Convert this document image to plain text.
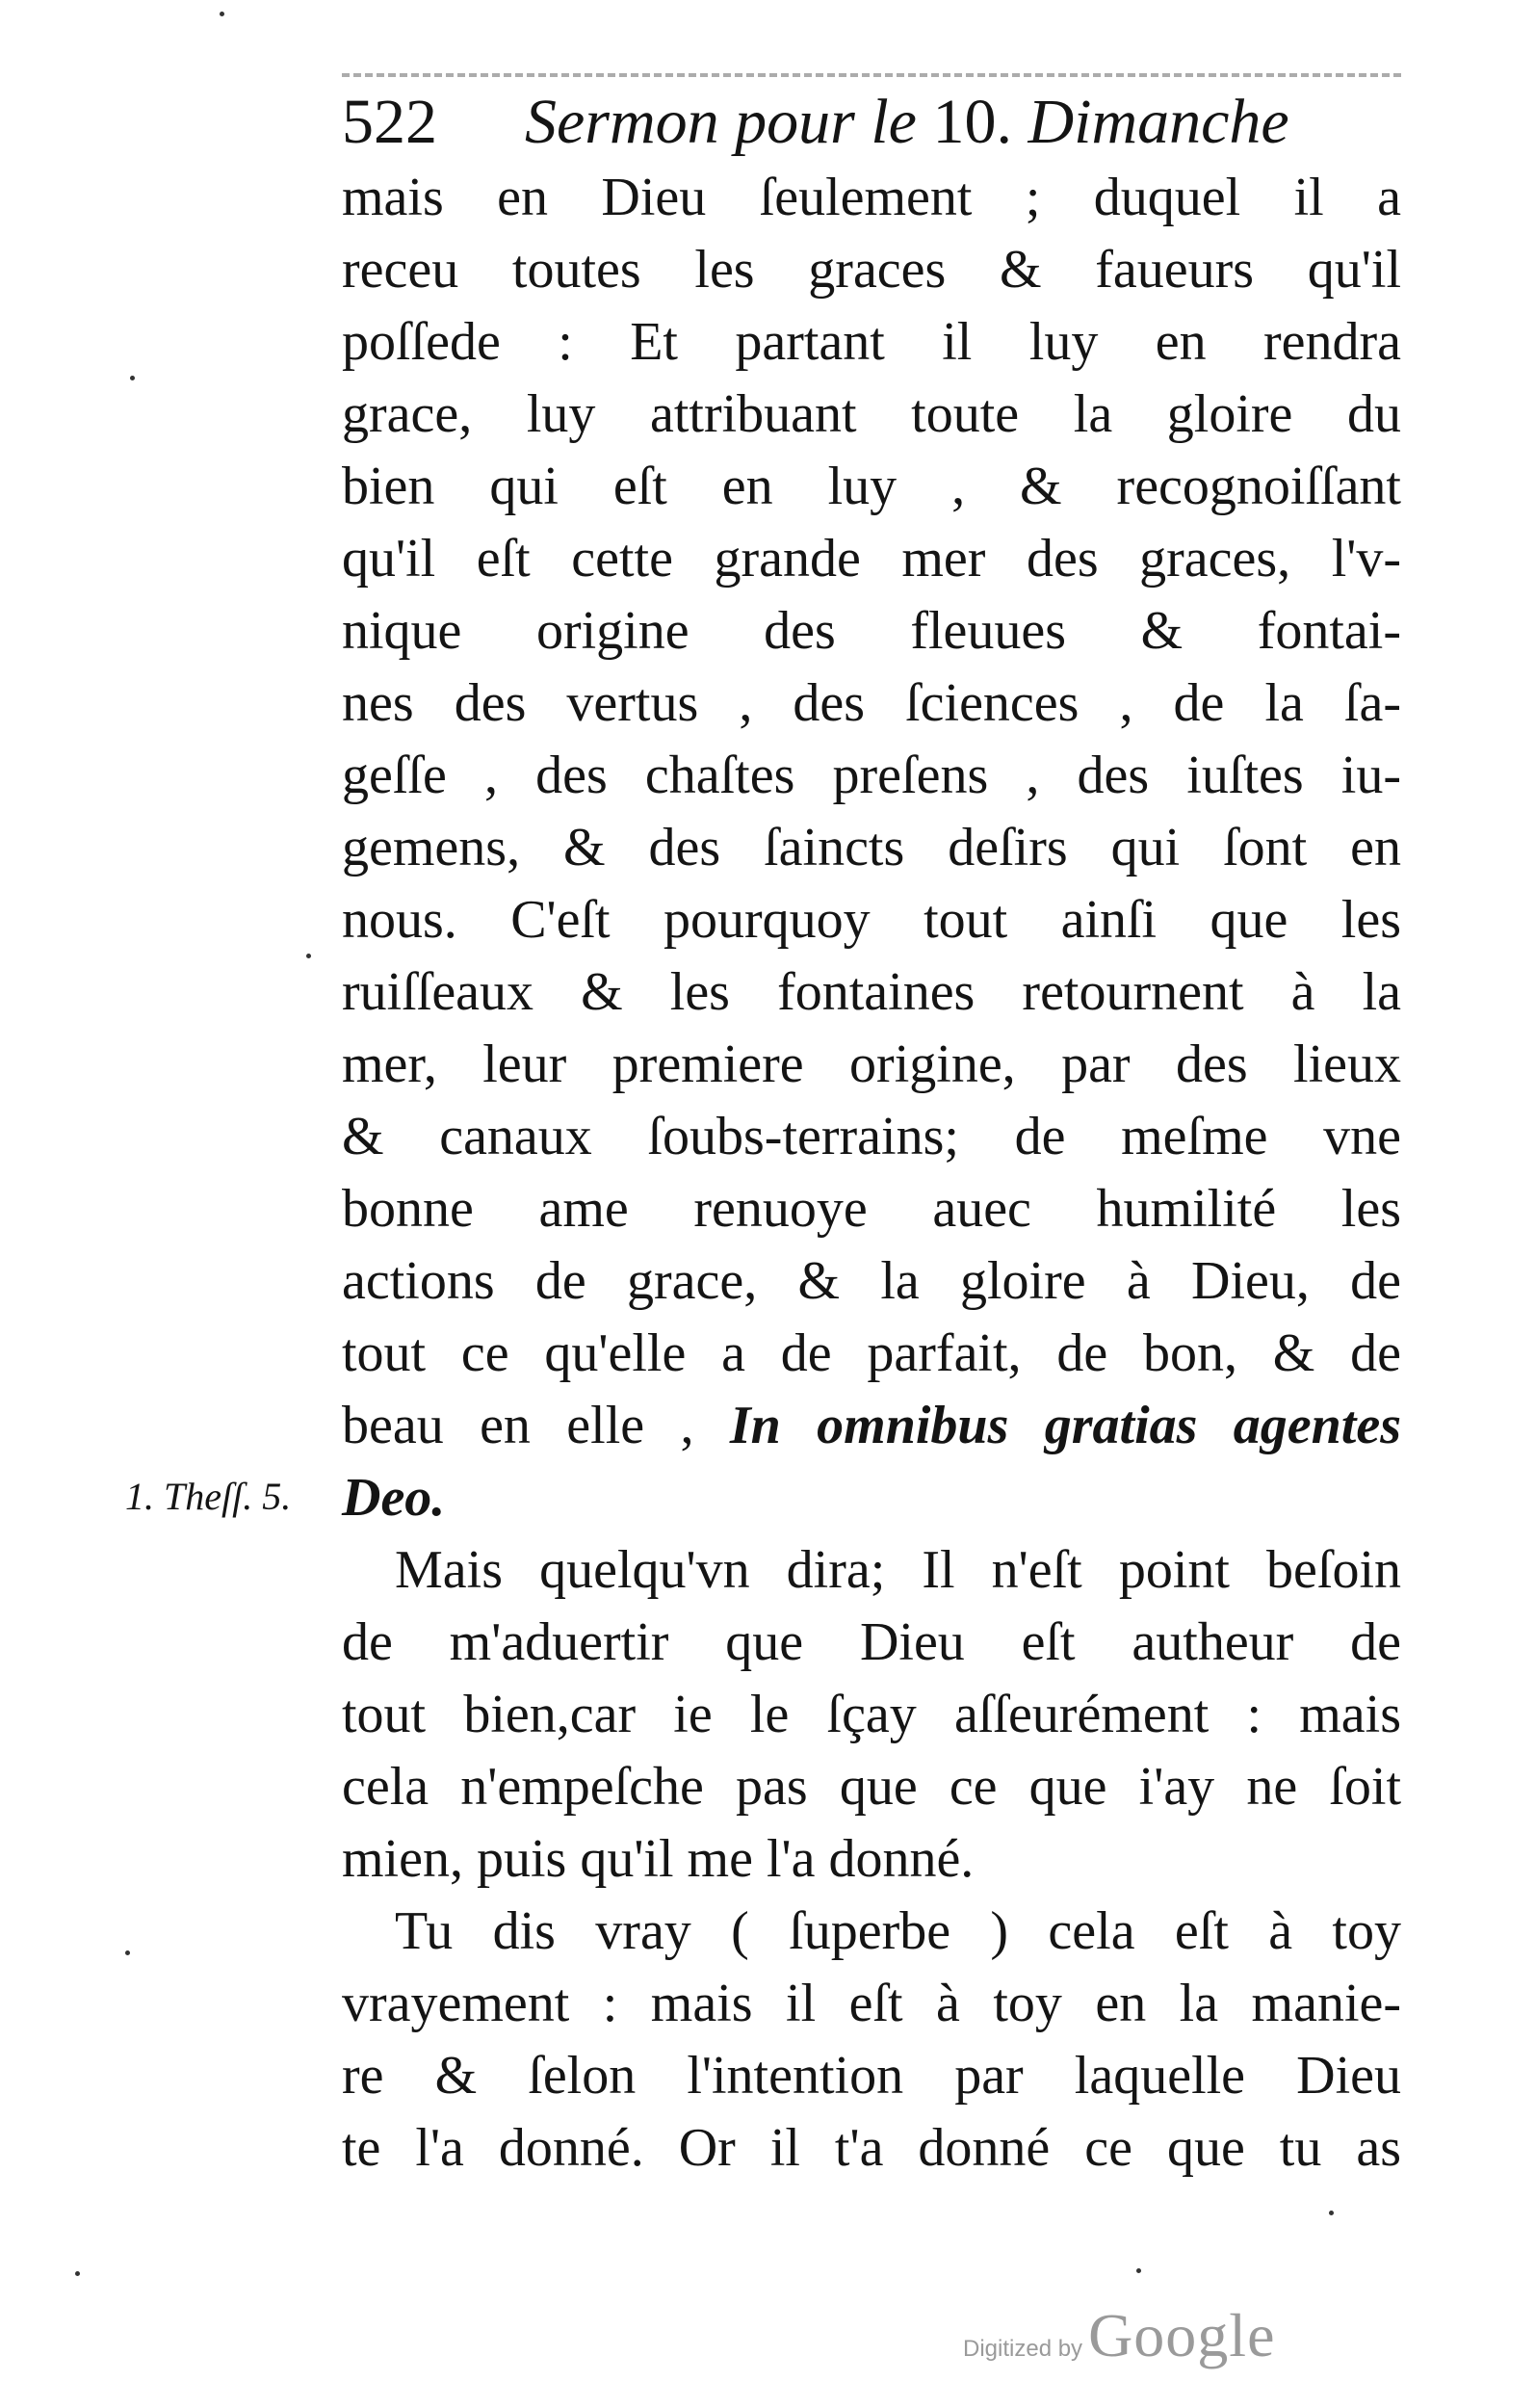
522 Sermon pour le 10. Dimanche
mais en Dieu ſeulement ; duquel il a
receu toutes les graces & faueurs qu'il
poſſede : Et partant il luy en rendra
grace, luy attribuant toute la gloire du
bien qui eſt en luy , & recognoiſſant
qu'il eſt cette grande mer des graces, l'v-
nique origine des fleuues & fontai-
nes des vertus , des ſciences , de la ſa-
geſſe , des chaſtes preſens , des iuſtes iu-
gemens, & des ſaincts deſirs qui ſont en
nous. C'eſt pourquoy tout ainſi que les
ruiſſeaux & les fontaines retournent à la
mer, leur premiere origine, par des lieux
& canaux ſoubs-terrains; de meſme vne
bonne ame renuoye auec humilité les
actions de grace, & la gloire à Dieu, de
tout ce qu'elle a de parfait, de bon, & de
beau en elle , In omnibus gratias agentes
Deo.
Mais quelqu'vn dira; Il n'eſt point beſoin
de m'aduertir que Dieu eſt autheur de
tout bien,car ie le ſçay aſſeurément : mais
cela n'empeſche pas que ce que i'ay ne ſoit
mien, puis qu'il me l'a donné.
Tu dis vray ( ſuperbe ) cela eſt à toy
vrayement : mais il eſt à toy en la manie-
re & ſelon l'intention par laquelle Dieu
te l'a donné. Or il t'a donné ce que tu as
1. Theſſ. 5.
Digitized by Google
